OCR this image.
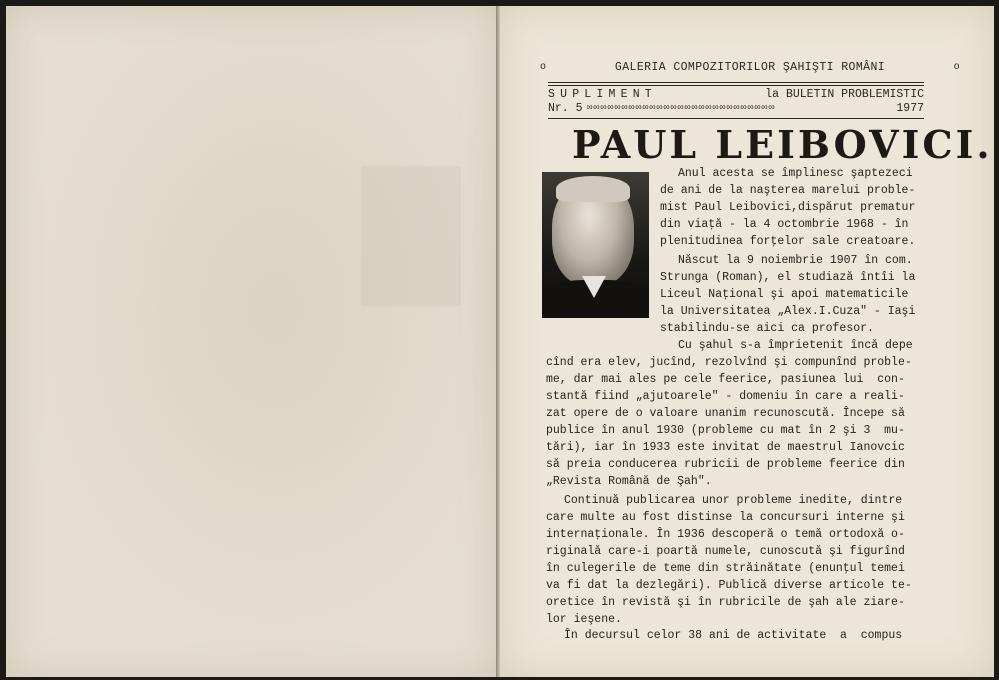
o	GALERIA COMPOZITORILOR ŞAHIŞTI ROMÂNI	o
SUPLIMENT	la BULETIN PROBLEMISTIC
Nr. 5 ∞∞∞∞∞∞∞∞∞∞∞∞∞∞∞∞∞∞∞∞∞∞∞∞∞∞∞	1977
PAUL LEIBOVICI.
Anul acesta se împlinesc şaptezeci
de ani de la naşterea marelui proble-
mist Paul Leibovici,dispărut prematur
din viaţă - la 4 octombrie 1968 - în
plenitudinea forţelor sale creatoare.
Născut la 9 noiembrie 1907 în com.
Strunga (Roman), el studiază întîi la
Liceul Naţional şi apoi matematicile
la Universitatea „Alex.I.Cuza" - Iaşi
stabilindu-se aici ca profesor.
Cu şahul s-a împrietenit încă depe
cînd era elev, jucînd, rezolvînd şi compunînd proble-
me, dar mai ales pe cele feerice, pasiunea lui  con-
stantă fiind „ajutoarele" - domeniu în care a reali-
zat opere de o valoare unanim recunoscută. Începe să
publice în anul 1930 (probleme cu mat în 2 şi 3  mu-
tări), iar în 1933 este invitat de maestrul Ianovcic
să preia conducerea rubricii de probleme feerice din
„Revista Română de Şah".
Continuă publicarea unor probleme inedite, dintre
care multe au fost distinse la concursuri interne şi
internaţionale. În 1936 descoperă o temă ortodoxă o-
riginală care-i poartă numele, cunoscută şi figurînd
în culegerile de teme din străinătate (enunţul temei
va fi dat la dezlegări). Publică diverse articole te-
oretice în revistă şi în rubricile de şah ale ziare-
lor ieşene.
În decursul celor 38 ani de activitate  a  compus
